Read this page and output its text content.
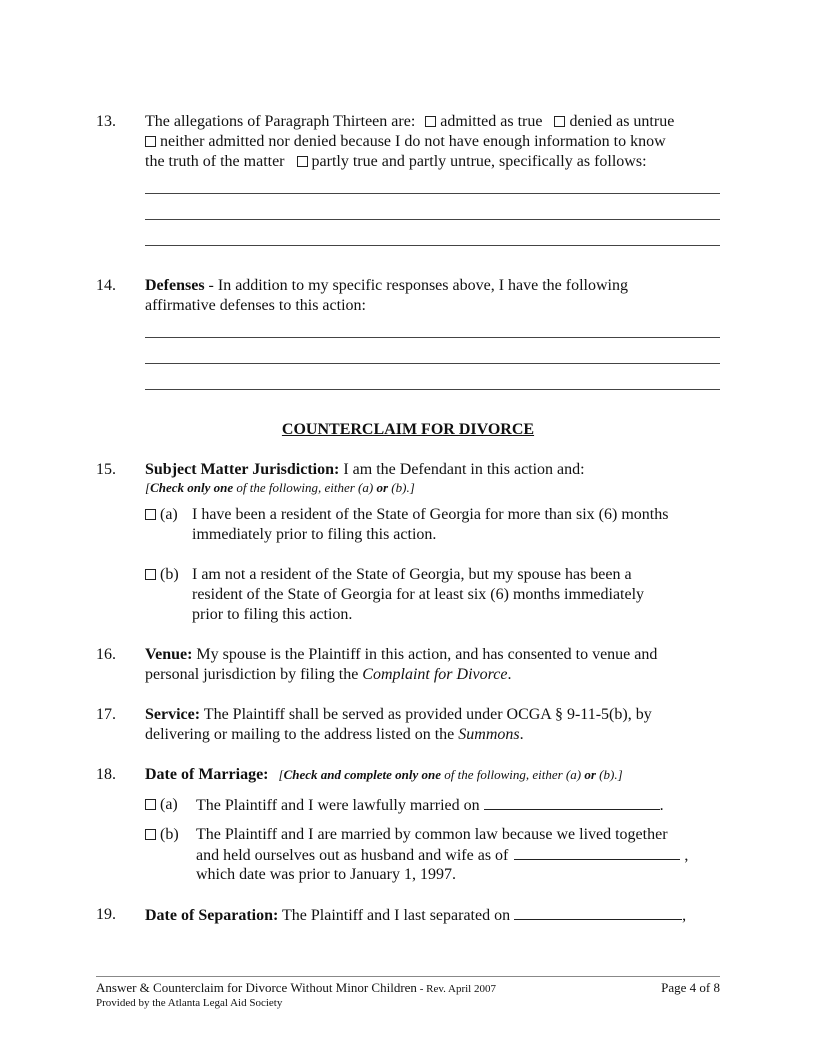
13. The allegations of Paragraph Thirteen are: admitted as true denied as untrue
neither admitted nor denied because I do not have enough information to know
the truth of the matter partly true and partly untrue, specifically as follows:
14. Defenses - In addition to my specific responses above, I have the following
affirmative defenses to this action:
COUNTERCLAIM FOR DIVORCE
15. Subject Matter Jurisdiction: I am the Defendant in this action and:
[Check only one of the following, either (a) or (b).]
(a) I have been a resident of the State of Georgia for more than six (6) months
immediately prior to filing this action.
(b) I am not a resident of the State of Georgia, but my spouse has been a
resident of the State of Georgia for at least six (6) months immediately
prior to filing this action.
16. Venue: My spouse is the Plaintiff in this action, and has consented to venue and
personal jurisdiction by filing the Complaint for Divorce.
17. Service: The Plaintiff shall be served as provided under OCGA § 9-11-5(b), by
delivering or mailing to the address listed on the Summons.
18. Date of Marriage: [Check and complete only one of the following, either (a) or (b).]
(a) The Plaintiff and I were lawfully married on	.
(b) The Plaintiff and I are married by common law because we lived together
and held ourselves out as husband and wife as of	,
which date was prior to January 1, 1997.
19. Date of Separation: The Plaintiff and I last separated on	,
Answer & Counterclaim for Divorce Without Minor Children - Rev. April 2007	Page 4 of 8
Provided by the Atlanta Legal Aid Society
